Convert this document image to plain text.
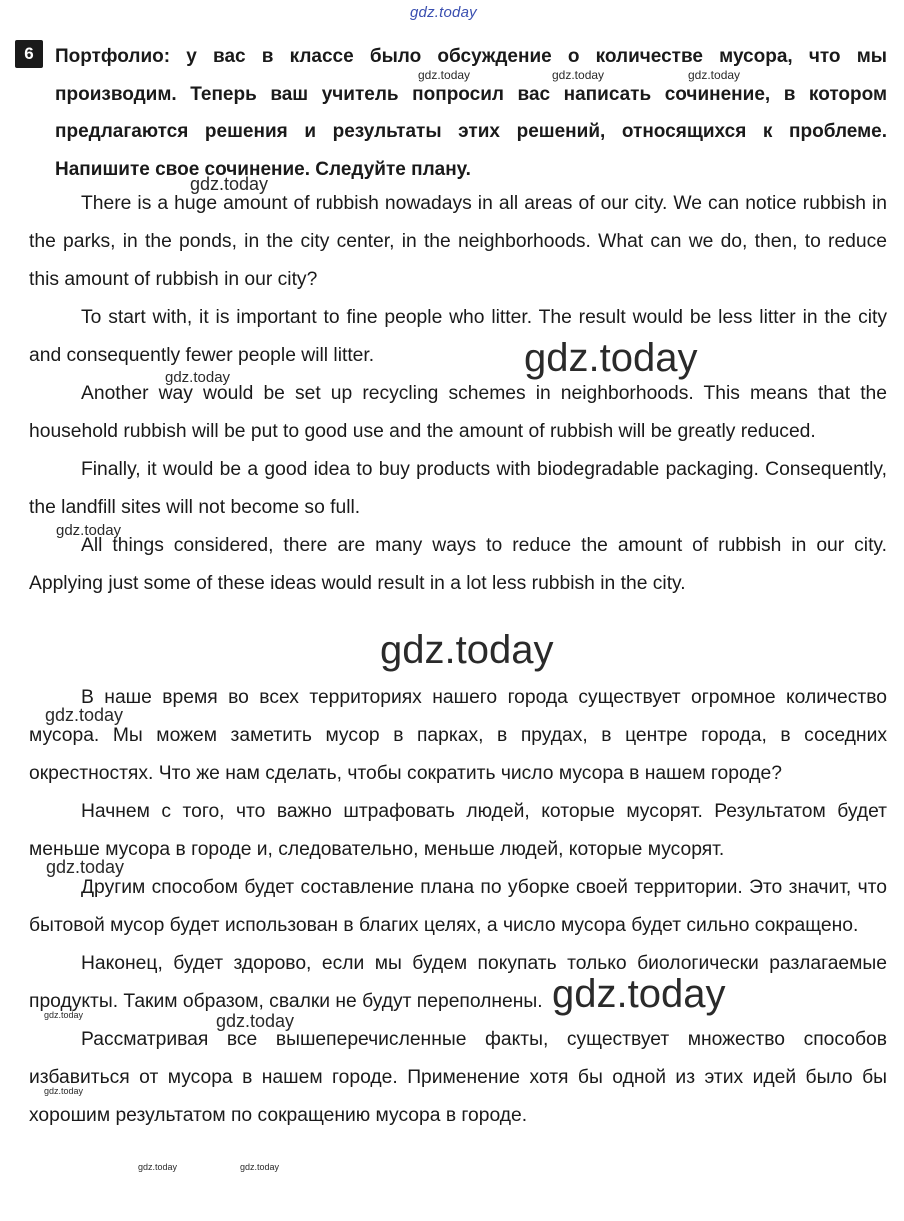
gdz.today
6	Портфолио: у вас в классе было обсуждение о количестве мусора, что мы производим. Теперь ваш учитель попросил вас написать сочинение, в котором предлагаются решения и результаты этих решений, относящихся к проблеме. Напишите свое сочинение. Следуйте плану.

There is a huge amount of rubbish nowadays in all areas of our city. We can notice rubbish in the parks, in the ponds, in the city center, in the neighborhoods. What can we do, then, to reduce this amount of rubbish in our city?

To start with, it is important to fine people who litter. The result would be less litter in the city and consequently fewer people will litter.

Another way would be set up recycling schemes in neighborhoods. This means that the household rubbish will be put to good use and the amount of rubbish will be greatly reduced.

Finally, it would be a good idea to buy products with biodegradable packaging. Consequently, the landfill sites will not become so full.

All things considered, there are many ways to reduce the amount of rubbish in our city. Applying just some of these ideas would result in a lot less rubbish in the city.

В наше время во всех территориях нашего города существует огромное количество мусора. Мы можем заметить мусор в парках, в прудах, в центре города, в соседних окрестностях. Что же нам сделать, чтобы сократить число мусора в нашем городе?

Начнем с того, что важно штрафовать людей, которые мусорят. Результатом будет меньше мусора в городе и, следовательно, меньше людей, которые мусорят.

Другим способом будет составление плана по уборке своей территории. Это значит, что бытовой мусор будет использован в благих целях, а число мусора будет сильно сокращено.

Наконец, будет здорово, если мы будем покупать только биологически разлагаемые продукты. Таким образом, свалки не будут переполнены.

Рассматривая все вышеперечисленные факты, существует множество способов избавиться от мусора в нашем городе. Применение хотя бы одной из этих идей было бы хорошим результатом по сокращению мусора в городе.

gdz.today	gdz.today	gdz.today
gdz.today
gdz.today
gdz.today
gdz.today
gdz.today
gdz.today
gdz.today
gdz.today
gdz.today	gdz.today
gdz.today
gdz.today	gdz.today
